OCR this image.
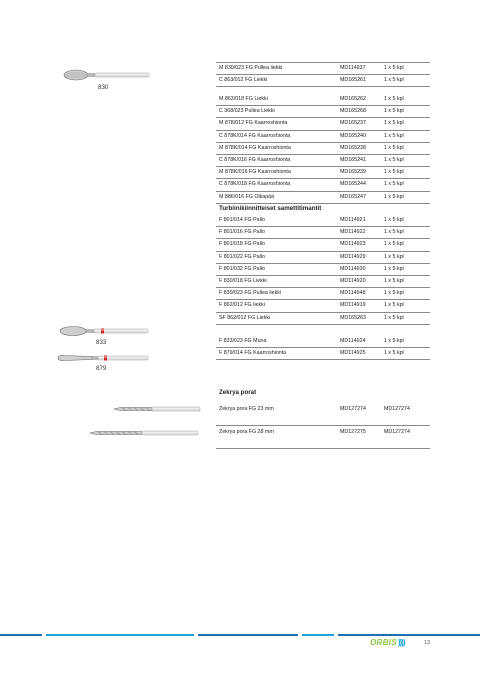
830
833
879
M 830/023 FG Pullea liekki	MD114937	1 x 5 kpl
C 863/012 FG Liekki	MD165261	1 x 5 kpl
M 863/018 FG Liekki	MD165262	1 x 5 kpl
C 368/023 Pullea Liekki	MD165268	1 x 5 kpl
M 878/012 FG Kaarroshionta	MD165237	1 x 5 kpl
C 878K/014 FG Kaarroshionta	MD165240	1 x 5 kpl
M 878K/014 FG Kaarroshionta	MD165238	1 x 5 kpl
C 878K/016 FG Kaarroshionta	MD165241	1 x 5 kpl
M 878K/016 FG Kaarroshionta	MD165239	1 x 5 kpl
C 878K/018 FG Kaarroshionta	MD165244	1 x 5 kpl
M 886/016 FG Olkapää	MD165247	1 x 5 kpl
Turbiinikiinnitteiset samettitimantit
F 801/014 FG Pallo	MD114921	1 x 5 kpl
F 801/016 FG Pallo	MD114922	1 x 5 kpl
F 801/018 FG Pallo	MD114923	1 x 5 kpl
F 801/022 FG Pallo	MD114929	1 x 5 kpl
F 801/032 FG Pallo	MD114930	1 x 5 kpl
F 830/018 FG Liekki	MD114920	1 x 5 kpl
F 830/023 FG Pullea liekki	MD114948	1 x 5 kpl
F 862/012 FG liekki	MD114919	1 x 5 kpl
SF 862/012 FG Liekki	MD165263	1 x 5 kpl
F 833/023 FG Muna	MD114924	1 x 5 kpl
F 879/014 FG Kaarroshionta	MD114925	1 x 5 kpl
Zekrya porat
Zekrya pora FG 23 mm	MD127274	MD127274
Zekrya pora FG 28 mm	MD127275	MD127274
ORBIS))))	13
